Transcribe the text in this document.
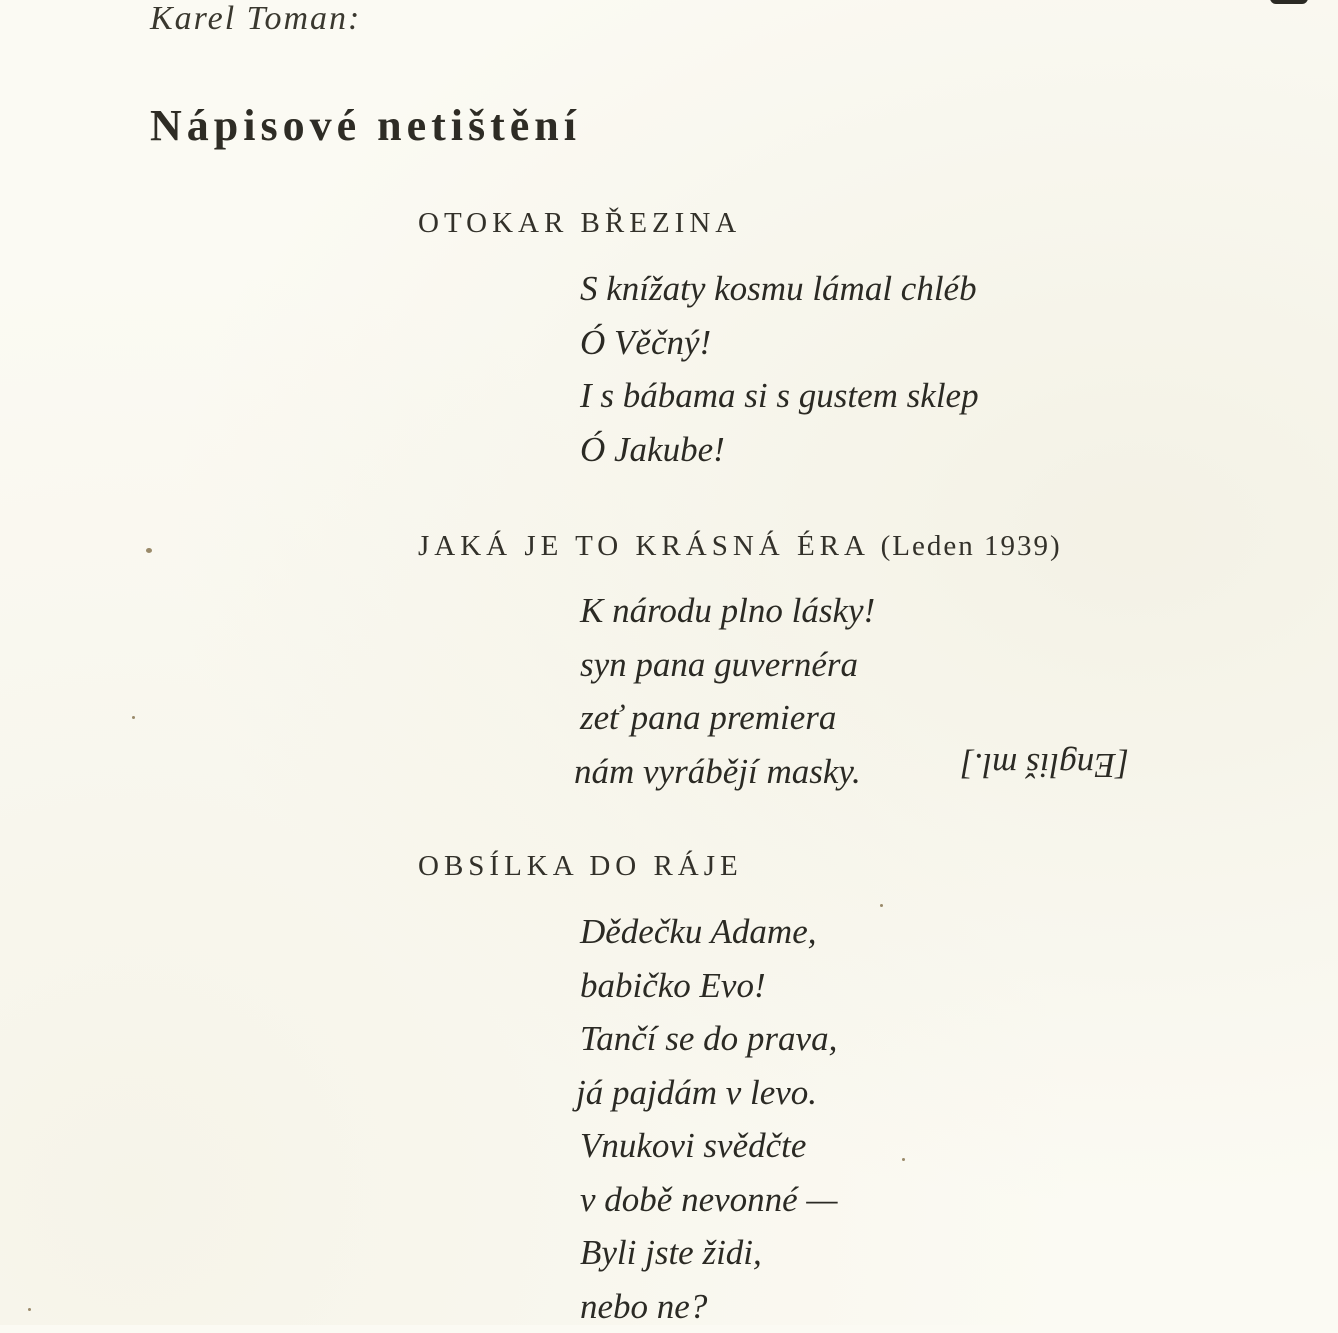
Karel Toman:
Nápisové netištění
OTOKAR BŘEZINA
S knížaty kosmu lámal chléb
Ó Věčný!
I s bábama si s gustem sklep
Ó Jakube!
JAKÁ JE TO KRÁSNÁ ÉRA (Leden 1939)
K národu plno lásky!
syn pana guvernéra
zeť pana premiera
nám vyrábějí masky.	[Engliš ml.]
OBSÍLKA DO RÁJE
Dědečku Adame,
babičko Evo!
Tančí se do prava,
já pajdám v levo.
Vnukovi svědčte
v době nevonné —
Byli jste židi,
nebo ne?
